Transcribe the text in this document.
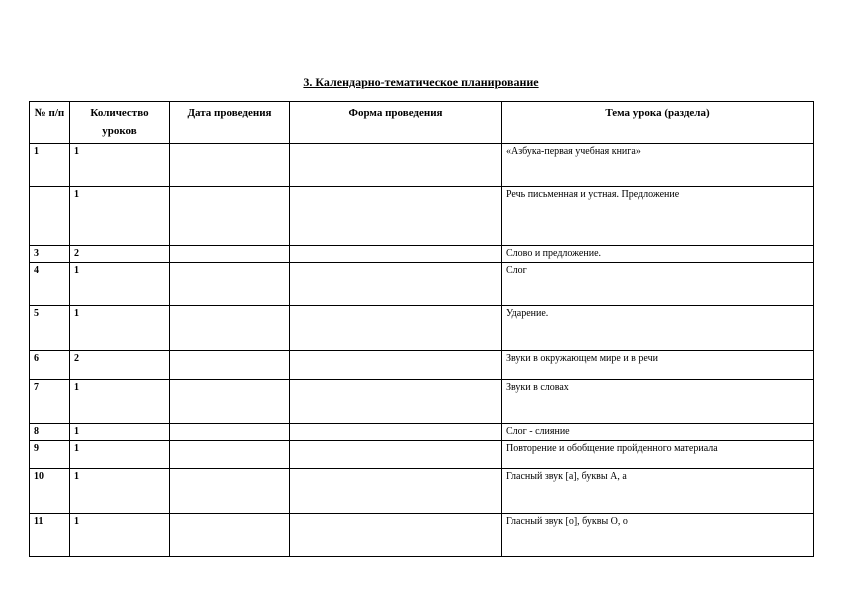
3. Календарно-тематическое планирование
№ п/п	Количество уроков	Дата проведения	Форма проведения	Тема урока (раздела)
1	1			«Азбука-первая учебная книга»
	1			Речь письменная и устная. Предложение
3	2			Слово и предложение.
4	1			Слог
5	1			Ударение.
6	2			Звуки в окружающем мире и в речи
7	1			Звуки в словах
8	1			Слог - слияние
9	1			Повторение и обобщение пройденного материала
10	1			Гласный звук [а], буквы А, а
11	1			Гласный звук [о], буквы О, о
